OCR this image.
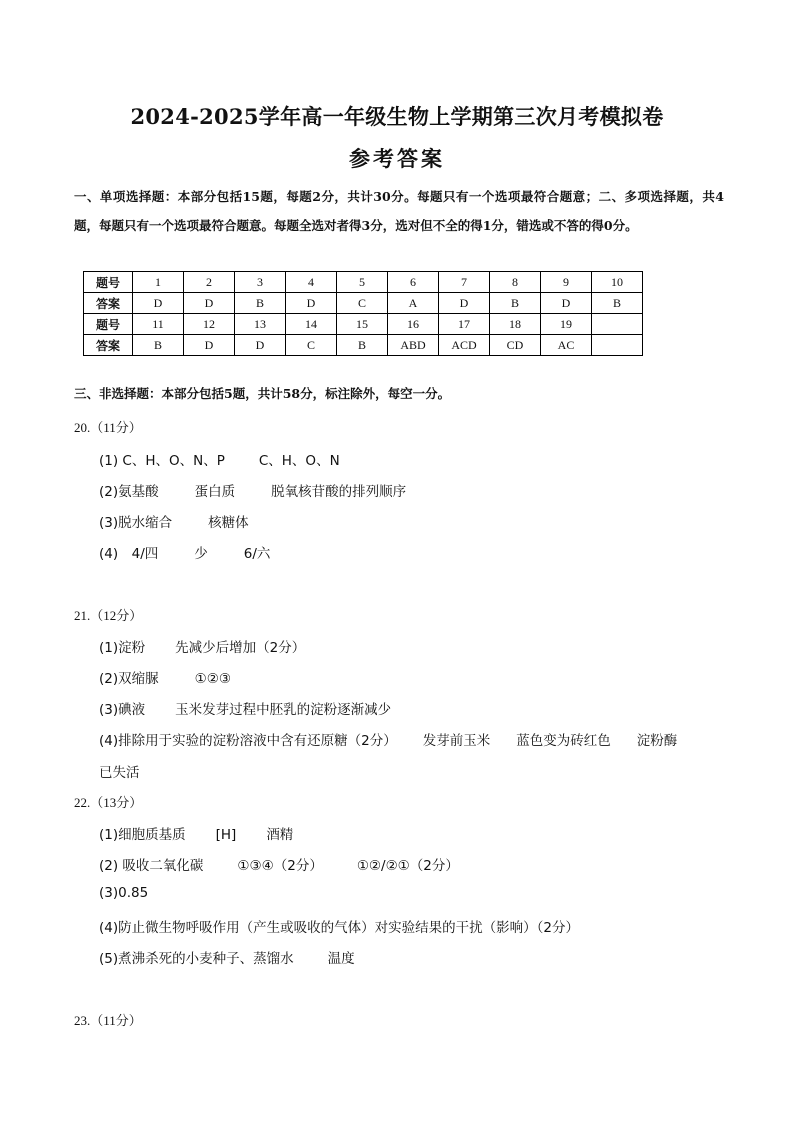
2024-2025学年高一年级生物上学期第三次月考模拟卷
参考答案
一、单项选择题：本部分包括15题，每题2分，共计30分。每题只有一个选项最符合题意；二、多项选择题，共4题，每题只有一个选项最符合题意。每题全选对者得3分，选对但不全的得1分，错选或不答的得0分。
题号	1	2	3	4	5	6	7	8	9	10
答案	D	D	B	D	C	A	D	B	D	B
题号	11	12	13	14	15	16	17	18	19	
答案	B	D	D	C	B	ABD	ACD	CD	AC	
三、非选择题：本部分包括5题，共计58分，标注除外，每空一分。
20.（11分）
(1) C、H、O、N、P	C、H、O、N
(2)氨基酸	蛋白质	脱氧核苷酸的排列顺序
(3)脱水缩合	核糖体
(4)　4/四	少	6/六
21.（12分）
(1)淀粉 先减少后增加（2分）
(2)双缩脲	①②③
(3)碘液 玉米发芽过程中胚乳的淀粉逐渐减少
(4)排除用于实验的淀粉溶液中含有还原糖（2分） 发芽前玉米 蓝色变为砖红色 淀粉酶
已失活
22.（13分）
(1)细胞质基质 [H] 酒精
(2) 吸收二氧化碳	①③④（2分）	①②/②①（2分）
(3)0.85
(4)防止微生物呼吸作用（产生或吸收的气体）对实验结果的干扰（影响）（2分）
(5)煮沸杀死的小麦种子、蒸馏水	温度
23.（11分）
